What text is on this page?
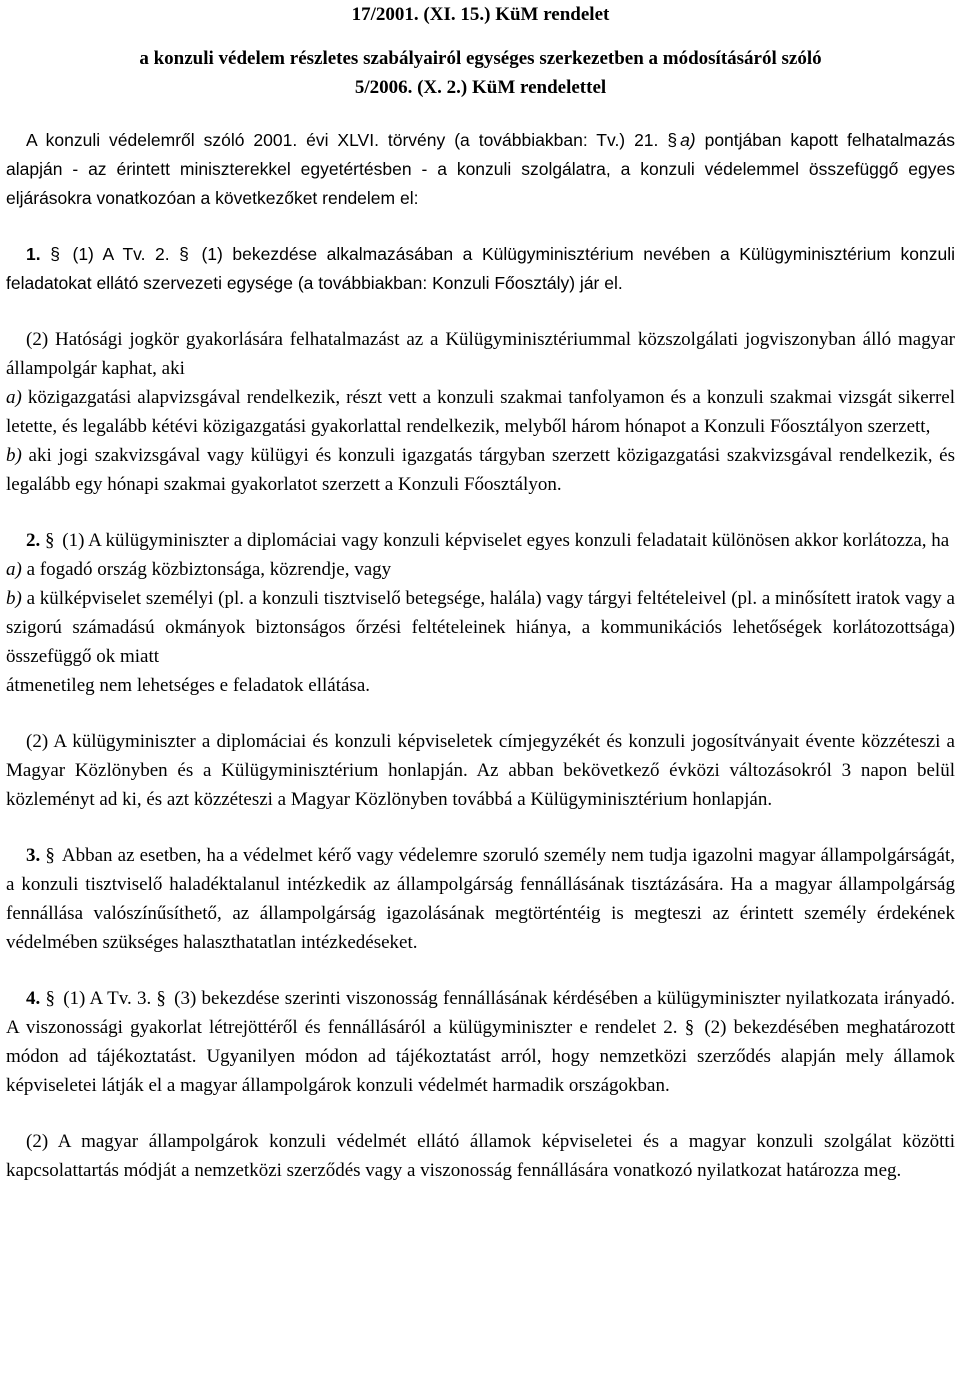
17/2001. (XI. 15.) KüM rendelet

a konzuli védelem részletes szabályairól egységes szerkezetben a módosításáról szóló

5/2006. (X. 2.) KüM rendelettel

A konzuli védelemről szóló 2001. évi XLVI. törvény (a továbbiakban: Tv.) 21. § a) pontjában kapott felhatalmazás alapján - az érintett miniszterekkel egyetértésben - a konzuli szolgálatra, a konzuli védelemmel összefüggő egyes eljárásokra vonatkozóan a következőket rendelem el:

1. § (1) A Tv. 2. § (1) bekezdése alkalmazásában a Külügyminisztérium nevében a Külügyminisztérium konzuli feladatokat ellátó szervezeti egysége (a továbbiakban: Konzuli Főosztály) jár el.

(2) Hatósági jogkör gyakorlására felhatalmazást az a Külügyminisztériummal közszolgálati jogviszonyban álló magyar állampolgár kaphat, aki

a) közigazgatási alapvizsgával rendelkezik, részt vett a konzuli szakmai tanfolyamon és a konzuli szakmai vizsgát sikerrel letette, és legalább kétévi közigazgatási gyakorlattal rendelkezik, melyből három hónapot a Konzuli Főosztályon szerzett,

b) aki jogi szakvizsgával vagy külügyi és konzuli igazgatás tárgyban szerzett közigazgatási szakvizsgával rendelkezik, és legalább egy hónapi szakmai gyakorlatot szerzett a Konzuli Főosztályon.

2. § (1) A külügyminiszter a diplomáciai vagy konzuli képviselet egyes konzuli feladatait különösen akkor korlátozza, ha

a) a fogadó ország közbiztonsága, közrendje, vagy

b) a külképviselet személyi (pl. a konzuli tisztviselő betegsége, halála) vagy tárgyi feltételeivel (pl. a minősített iratok vagy a szigorú számadású okmányok biztonságos őrzési feltételeinek hiánya, a kommunikációs lehetőségek korlátozottsága) összefüggő ok miatt

átmenetileg nem lehetséges e feladatok ellátása.

(2) A külügyminiszter a diplomáciai és konzuli képviseletek címjegyzékét és konzuli jogosítványait évente közzéteszi a Magyar Közlönyben és a Külügyminisztérium honlapján. Az abban bekövetkező évközi változásokról 3 napon belül közleményt ad ki, és azt közzéteszi a Magyar Közlönyben továbbá a Külügyminisztérium honlapján.

3. § Abban az esetben, ha a védelmet kérő vagy védelemre szoruló személy nem tudja igazolni magyar állampolgárságát, a konzuli tisztviselő haladéktalanul intézkedik az állampolgárság fennállásának tisztázására. Ha a magyar állampolgárság fennállása valószínűsíthető, az állampolgárság igazolásának megtörténtéig is megteszi az érintett személy érdekének védelmében szükséges halaszthatatlan intézkedéseket.

4. § (1) A Tv. 3. § (3) bekezdése szerinti viszonosság fennállásának kérdésében a külügyminiszter nyilatkozata irányadó. A viszonossági gyakorlat létrejöttéről és fennállásáról a külügyminiszter e rendelet 2. § (2) bekezdésében meghatározott módon ad tájékoztatást. Ugyanilyen módon ad tájékoztatást arról, hogy nemzetközi szerződés alapján mely államok képviseletei látják el a magyar állampolgárok konzuli védelmét harmadik országokban.

(2) A magyar állampolgárok konzuli védelmét ellátó államok képviseletei és a magyar konzuli szolgálat közötti kapcsolattartás módját a nemzetközi szerződés vagy a viszonosság fennállására vonatkozó nyilatkozat határozza meg.
